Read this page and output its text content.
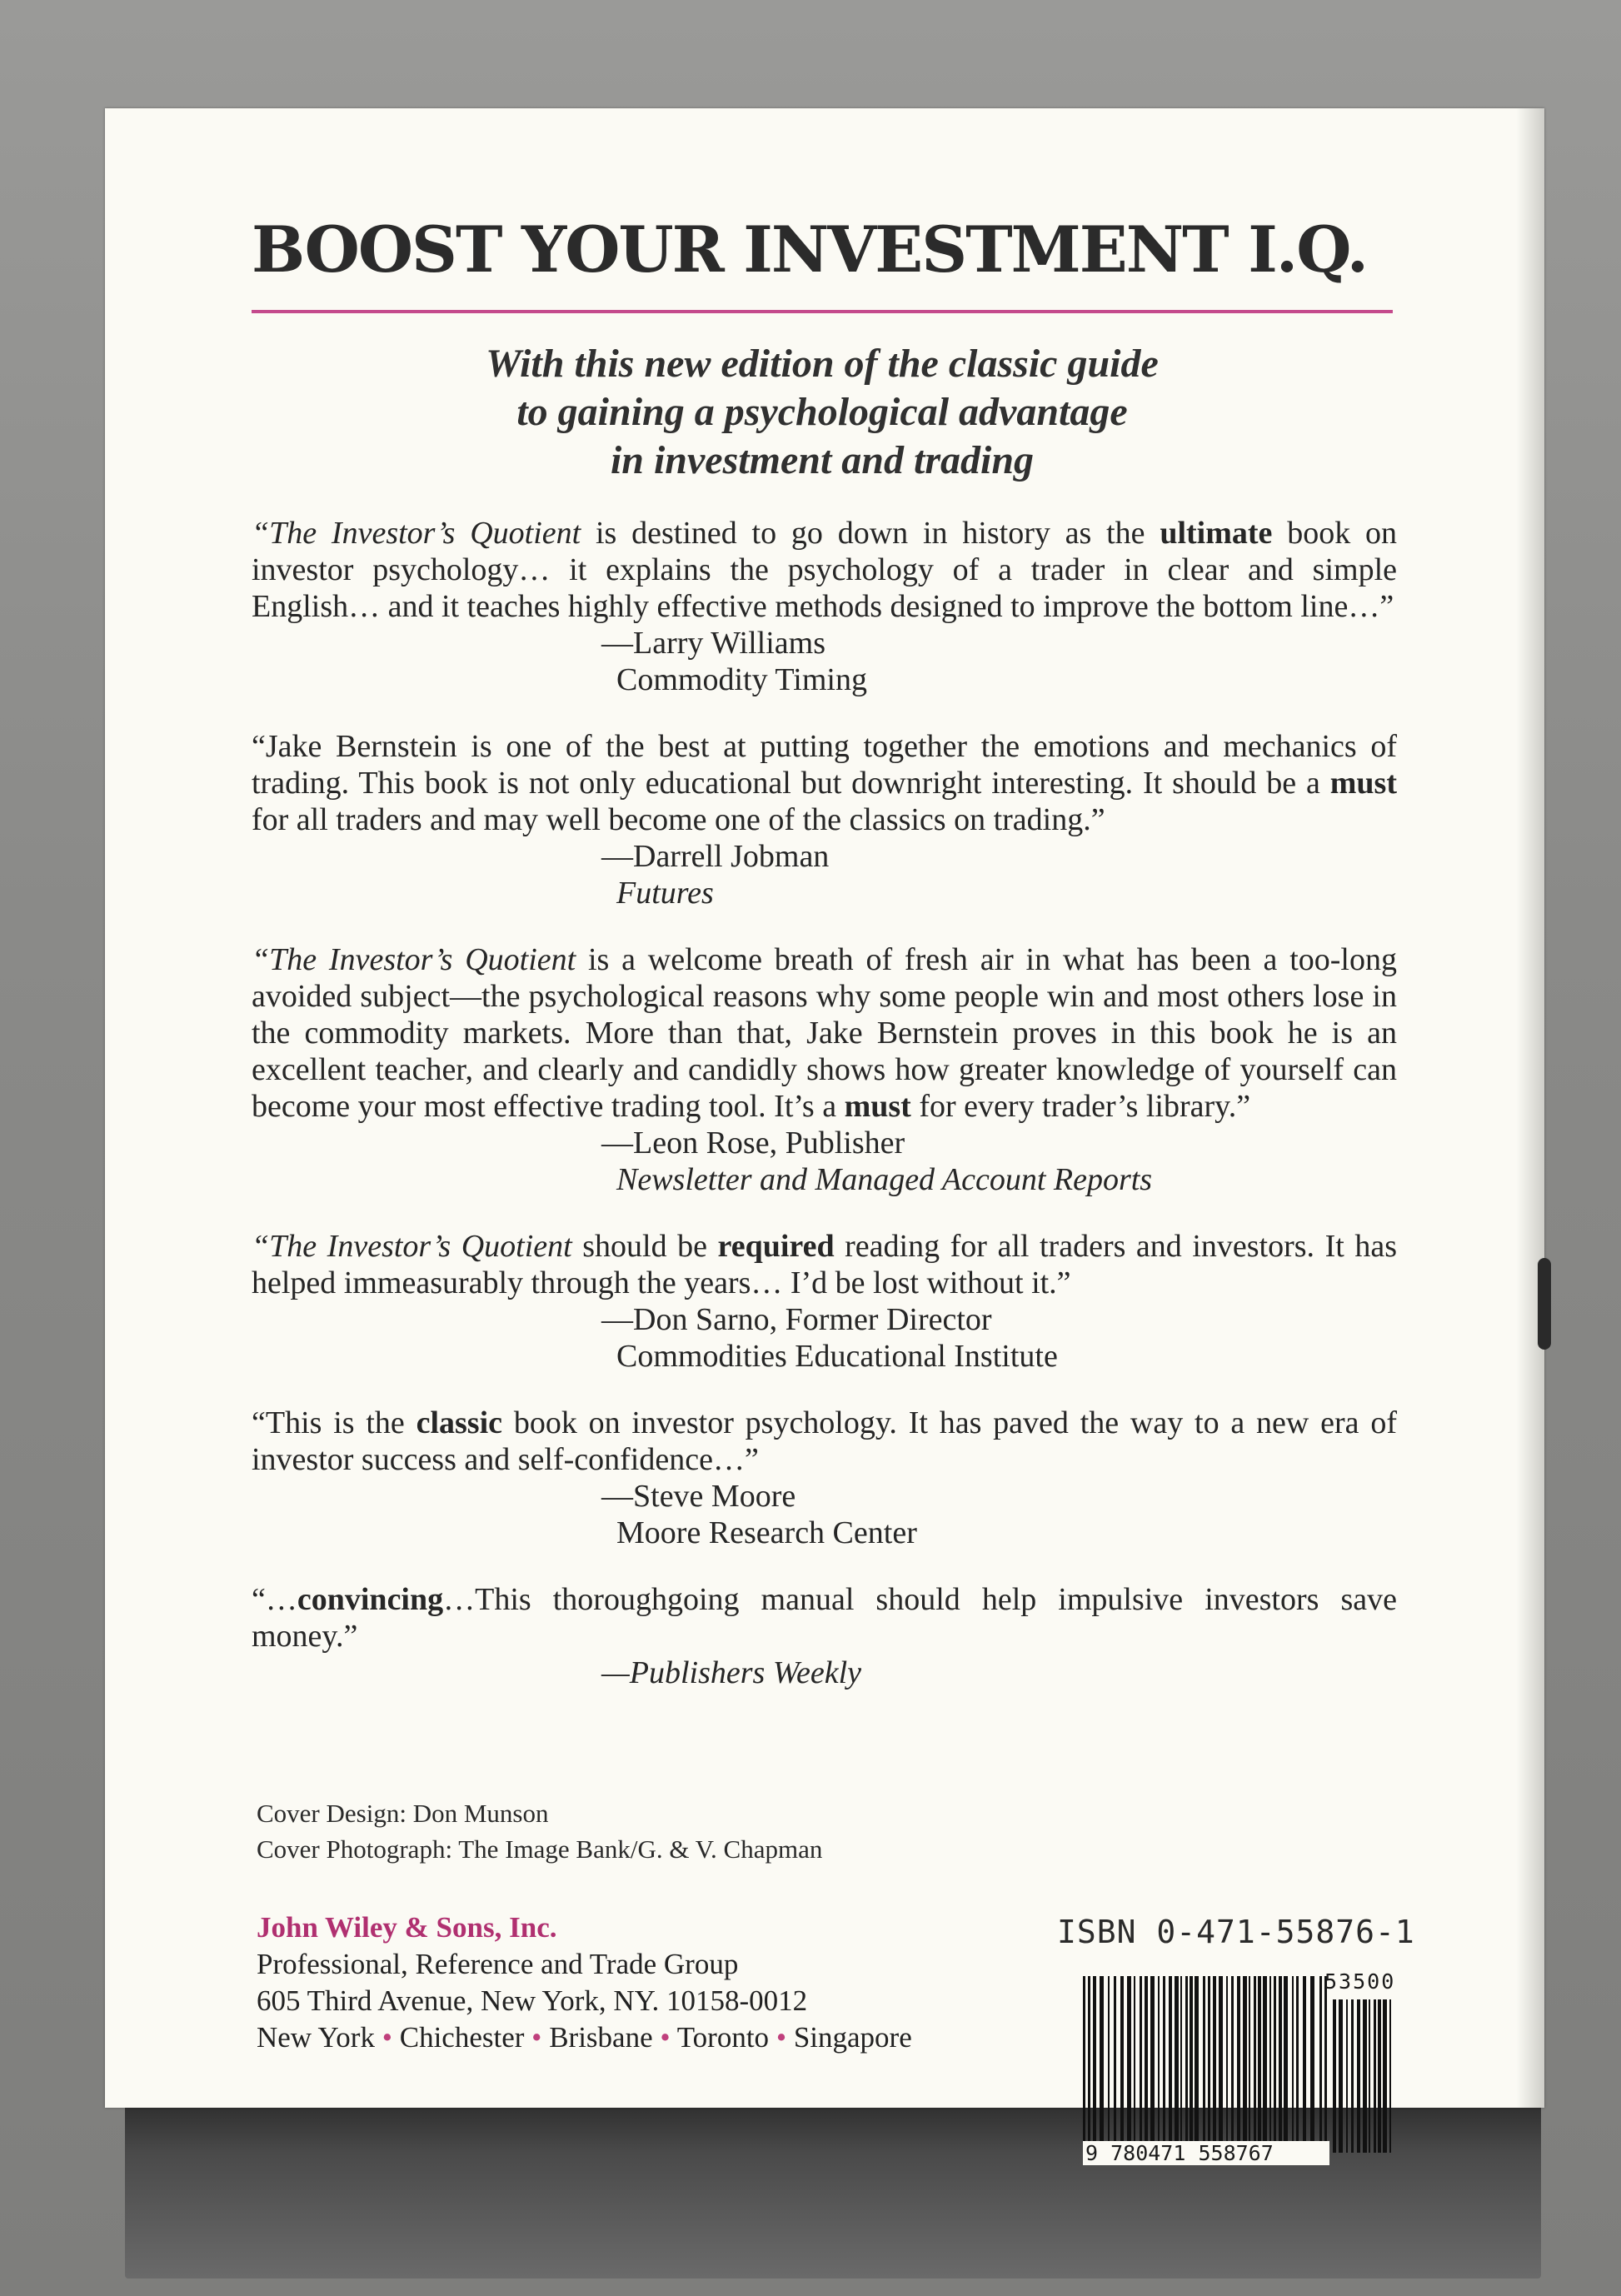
BOOST YOUR INVESTMENT I.Q.
With this new edition of the classic guide
to gaining a psychological advantage
in investment and trading
“The Investor’s Quotient is destined to go down in history as the ultimate book on investor psychology… it explains the psychology of a trader in clear and simple English… and it teaches highly effective methods designed to improve the bottom line…”
—Larry Williams
Commodity Timing
“Jake Bernstein is one of the best at putting together the emotions and mechanics of trading. This book is not only educational but downright interesting. It should be a must for all traders and may well become one of the classics on trading.”
—Darrell Jobman
Futures
“The Investor’s Quotient is a welcome breath of fresh air in what has been a too-long avoided subject—the psychological reasons why some people win and most others lose in the commodity markets. More than that, Jake Bernstein proves in this book he is an excellent teacher, and clearly and candidly shows how greater knowledge of yourself can become your most effective trading tool. It’s a must for every trader’s library.”
—Leon Rose, Publisher
Newsletter and Managed Account Reports
“The Investor’s Quotient should be required reading for all traders and investors. It has helped immeasurably through the years… I’d be lost without it.”
—Don Sarno, Former Director
Commodities Educational Institute
“This is the classic book on investor psychology. It has paved the way to a new era of investor success and self-confidence…”
—Steve Moore
Moore Research Center
“…convincing…This thoroughgoing manual should help impulsive investors save money.”
—Publishers Weekly
Cover Design: Don Munson
Cover Photograph: The Image Bank/G. & V. Chapman
John Wiley & Sons, Inc.
Professional, Reference and Trade Group
605 Third Avenue, New York, NY. 10158-0012
New York • Chichester • Brisbane • Toronto • Singapore
ISBN 0-471-55876-1
9 780471 558767
53500
